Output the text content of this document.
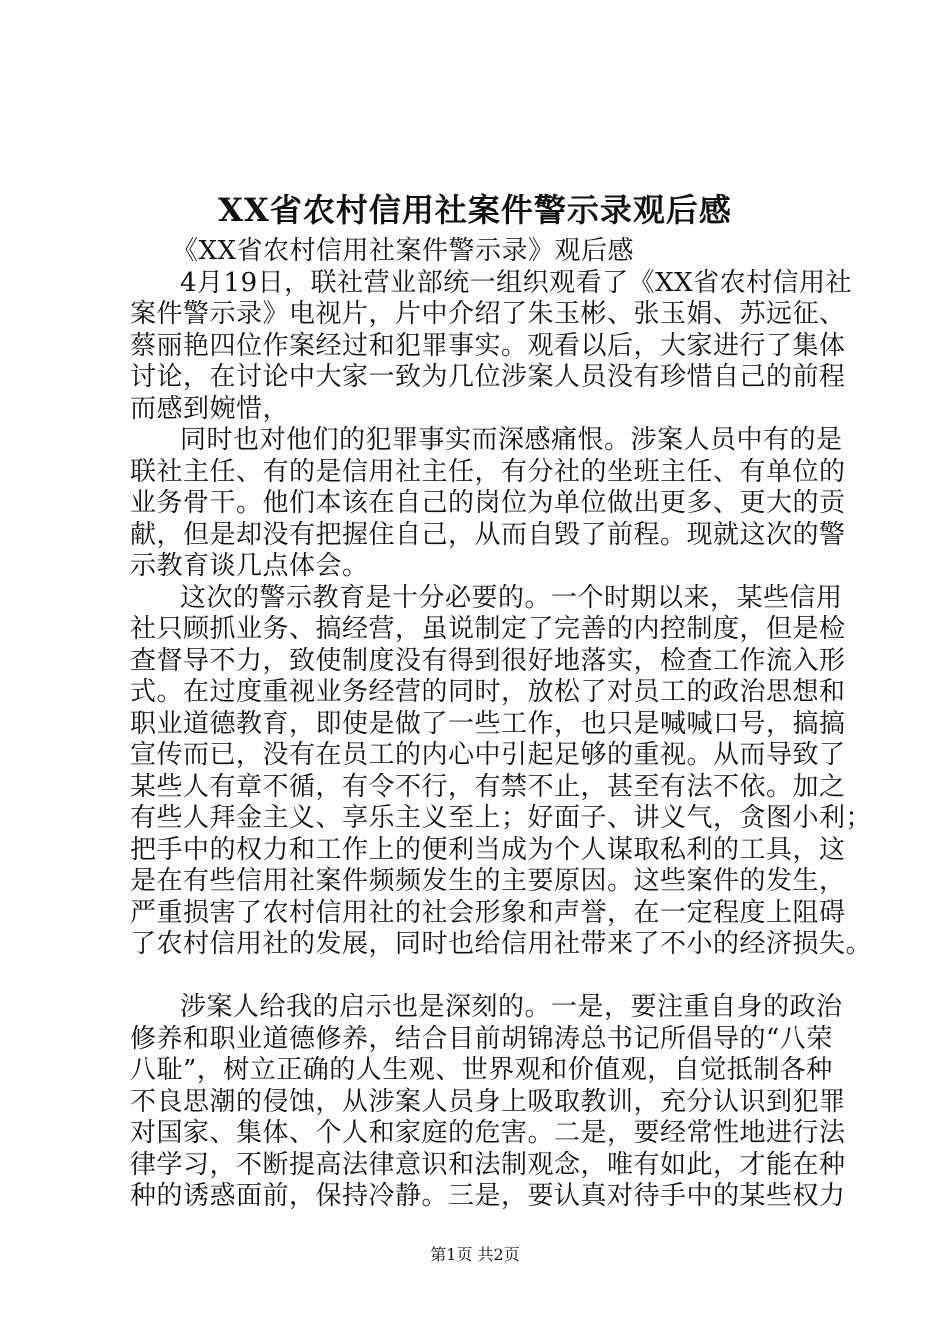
XX省农村信用社案件警示录观后感
《XX省农村信用社案件警示录》观后感
4月19日，联社营业部统一组织观看了《XX省农村信用社
案件警示录》电视片，片中介绍了朱玉彬、张玉娟、苏远征、
蔡丽艳四位作案经过和犯罪事实。观看以后，大家进行了集体
讨论，在讨论中大家一致为几位涉案人员没有珍惜自己的前程
而感到婉惜，
同时也对他们的犯罪事实而深感痛恨。涉案人员中有的是
联社主任、有的是信用社主任，有分社的坐班主任、有单位的
业务骨干。他们本该在自己的岗位为单位做出更多、更大的贡
献，但是却没有把握住自己，从而自毁了前程。现就这次的警
示教育谈几点体会。
这次的警示教育是十分必要的。一个时期以来，某些信用
社只顾抓业务、搞经营，虽说制定了完善的内控制度，但是检
查督导不力，致使制度没有得到很好地落实，检查工作流入形
式。在过度重视业务经营的同时，放松了对员工的政治思想和
职业道德教育，即使是做了一些工作，也只是喊喊口号，搞搞
宣传而已，没有在员工的内心中引起足够的重视。从而导致了
某些人有章不循，有令不行，有禁不止，甚至有法不依。加之
有些人拜金主义、享乐主义至上；好面子、讲义气，贪图小利；
把手中的权力和工作上的便利当成为个人谋取私利的工具，这
是在有些信用社案件频频发生的主要原因。这些案件的发生，
严重损害了农村信用社的社会形象和声誉，在一定程度上阻碍
了农村信用社的发展，同时也给信用社带来了不小的经济损失。
涉案人给我的启示也是深刻的。一是，要注重自身的政治
修养和职业道德修养，结合目前胡锦涛总书记所倡导的“八荣
八耻”，树立正确的人生观、世界观和价值观，自觉抵制各种
不良思潮的侵蚀，从涉案人员身上吸取教训，充分认识到犯罪
对国家、集体、个人和家庭的危害。二是，要经常性地进行法
律学习，不断提高法律意识和法制观念，唯有如此，才能在种
种的诱惑面前，保持冷静。三是，要认真对待手中的某些权力
第1页 共2页
